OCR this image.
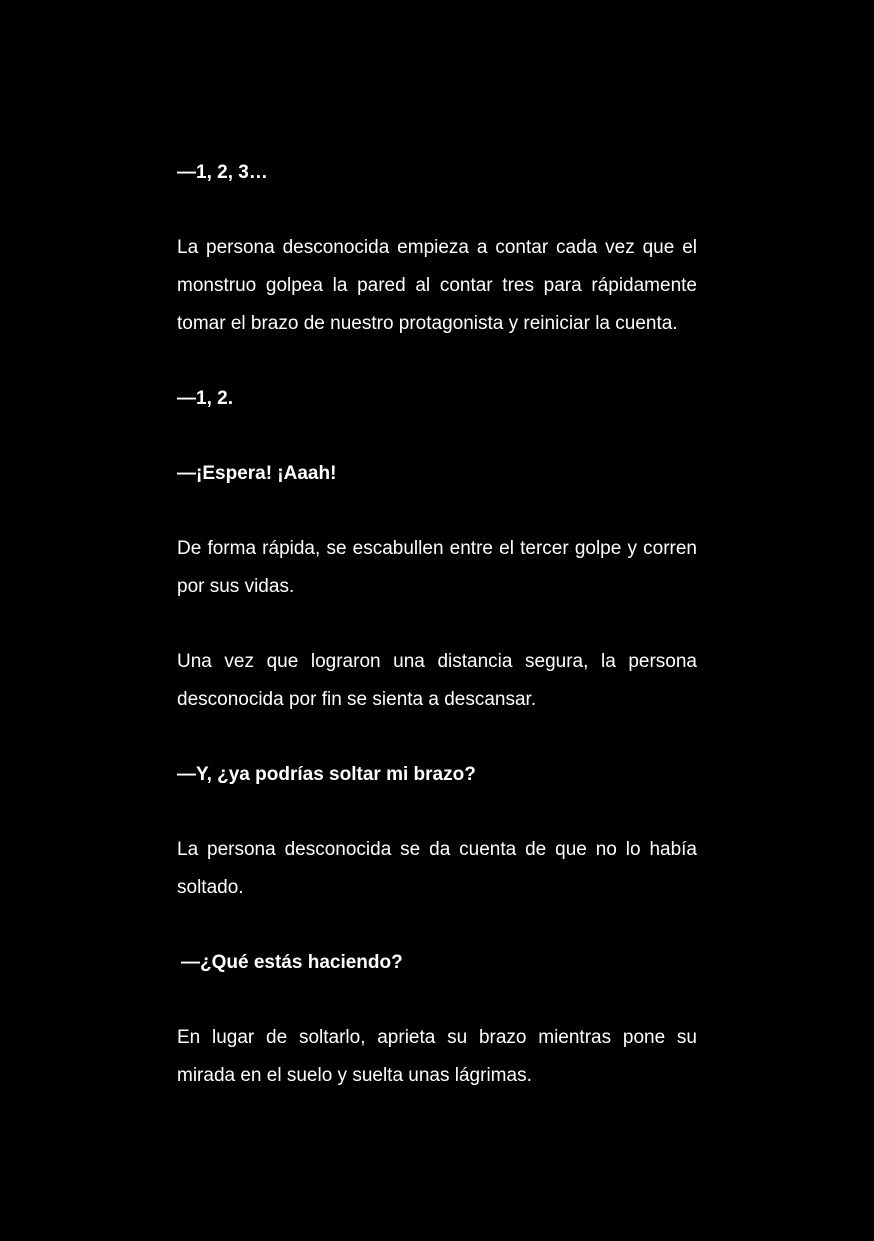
—1, 2, 3…

La persona desconocida empieza a contar cada vez que el monstruo golpea la pared al contar tres para rápidamente tomar el brazo de nuestro protagonista y reiniciar la cuenta.

—1, 2.

—¡Espera! ¡Aaah!

De forma rápida, se escabullen entre el tercer golpe y corren por sus vidas.

Una vez que lograron una distancia segura, la persona desconocida por fin se sienta a descansar.

—Y, ¿ya podrías soltar mi brazo?

La persona desconocida se da cuenta de que no lo había soltado.

—¿Qué estás haciendo?

En lugar de soltarlo, aprieta su brazo mientras pone su mirada en el suelo y suelta unas lágrimas.
